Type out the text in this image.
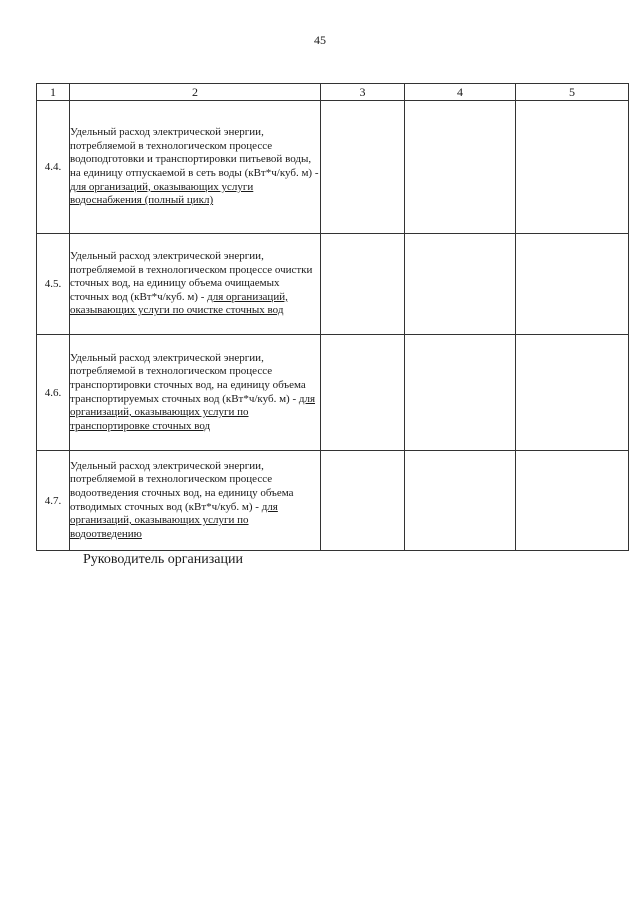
45
1	2	3	4	5
4.4.	Удельный расход электрической энергии, потребляемой в технологическом процессе водоподготовки и транспортировки питьевой воды, на единицу отпускаемой в сеть воды (кВт*ч/куб. м) - для организаций, оказывающих услуги водоснабжения (полный цикл)			
4.5.	Удельный расход электрической энергии, потребляемой в технологическом процессе очистки сточных вод, на единицу объема очищаемых сточных вод (кВт*ч/куб. м) - для организаций, оказывающих услуги по очистке сточных вод			
4.6.	Удельный расход электрической энергии, потребляемой в технологическом процессе транспортировки сточных вод, на единицу объема транспортируемых сточных вод (кВт*ч/куб. м) - для организаций, оказывающих услуги по транспортировке сточных вод			
4.7.	Удельный расход электрической энергии, потребляемой в технологическом процессе водоотведения сточных вод, на единицу объема отводимых сточных вод (кВт*ч/куб. м) - для организаций, оказывающих услуги по водоотведению			
Руководитель организации
